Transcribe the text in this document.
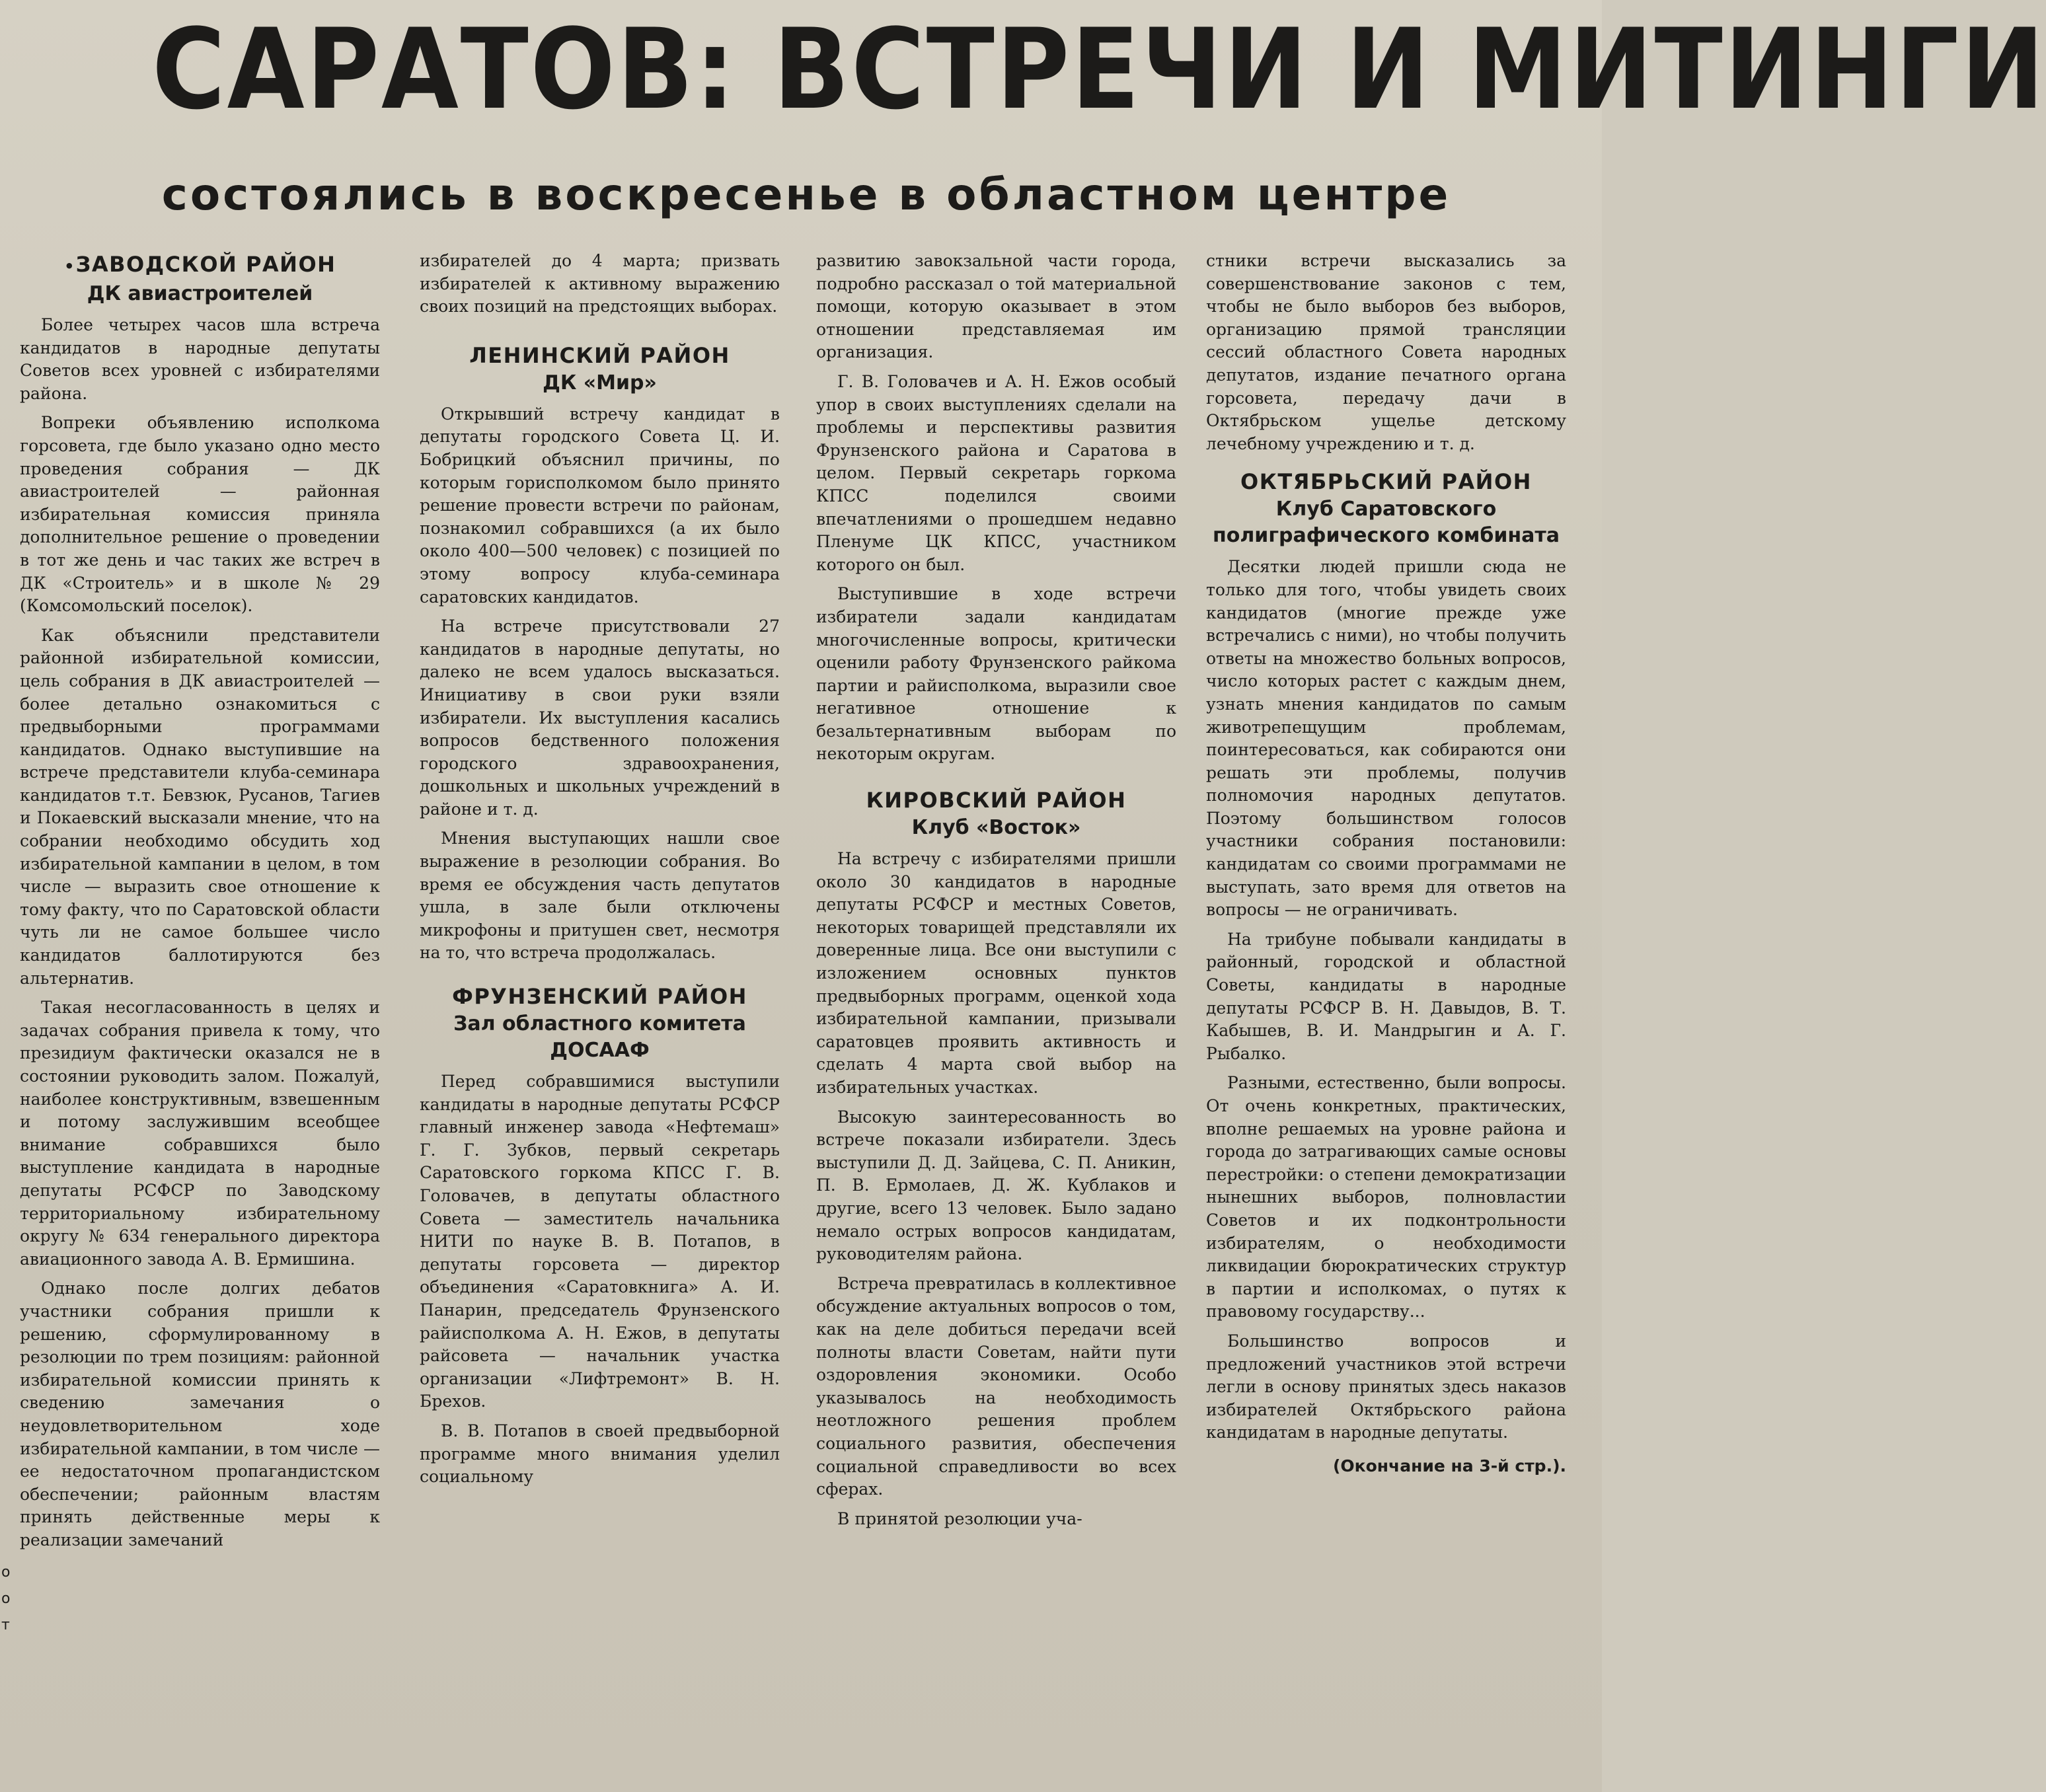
САРАТОВ: ВСТРЕЧИ И МИТИНГИ
состоялись в воскресенье в областном центре
о
о
т
•ЗАВОДСКОЙ РАЙОН
ДК авиастроителей

Более четырех часов шла встреча кандидатов в народные депутаты Советов всех уровней с избирателями района.

Вопреки объявлению исполкома горсовета, где было указано одно место проведения собрания — ДК авиастроителей — районная избирательная комиссия приняла дополнительное решение о проведении в тот же день и час таких же встреч в ДК «Строитель» и в школе № 29 (Комсомольский поселок).

Как объяснили представители районной избирательной комиссии, цель собрания в ДК авиастроителей — более детально ознакомиться с предвыборными программами кандидатов. Однако выступившие на встрече представители клуба-семинара кандидатов т.т. Бевзюк, Русанов, Тагиев и Покаевский высказали мнение, что на собрании необходимо обсудить ход избирательной кампании в целом, в том числе — выразить свое отношение к тому факту, что по Саратовской области чуть ли не самое большее число кандидатов баллотируются без альтернатив.

Такая несогласованность в целях и задачах собрания привела к тому, что президиум фактически оказался не в состоянии руководить залом. Пожалуй, наиболее конструктивным, взвешенным и потому заслужившим всеобщее внимание собравшихся было выступление кандидата в народные депутаты РСФСР по Заводскому территориальному избирательному округу № 634 генерального директора авиационного завода А. В. Ермишина.

Однако после долгих дебатов участники собрания пришли к решению, сформулированному в резолюции по трем позициям: районной избирательной комиссии принять к сведению замечания о неудовлетворительном ходе избирательной кампании, в том числе — ее недостаточном пропагандистском обеспечении; районным властям принять действенные меры к реализации замечаний

избирателей до 4 марта; призвать избирателей к активному выражению своих позиций на предстоящих выборах.

ЛЕНИНСКИЙ РАЙОН
ДК «Мир»

Открывший встречу кандидат в депутаты городского Совета Ц. И. Бобрицкий объяснил причины, по которым горисполкомом было принято решение провести встречи по районам, познакомил собравшихся (а их было около 400—500 человек) с позицией по этому вопросу клуба-семинара саратовских кандидатов.

На встрече присутствовали 27 кандидатов в народные депутаты, но далеко не всем удалось высказаться. Инициативу в свои руки взяли избиратели. Их выступления касались вопросов бедственного положения городского здравоохранения, дошкольных и школьных учреждений в районе и т. д.

Мнения выступающих нашли свое выражение в резолюции собрания. Во время ее обсуждения часть депутатов ушла, в зале были отключены микрофоны и притушен свет, несмотря на то, что встреча продолжалась.

ФРУНЗЕНСКИЙ РАЙОН
Зал областного комитета ДОСААФ

Перед собравшимися выступили кандидаты в народные депутаты РСФСР главный инженер завода «Нефтемаш» Г. Г. Зубков, первый секретарь Саратовского горкома КПСС Г. В. Головачев, в депутаты областного Совета — заместитель начальника НИТИ по науке В. В. Потапов, в депутаты горсовета — директор объединения «Саратовкнига» А. И. Панарин, председатель Фрунзенского райисполкома А. Н. Ежов, в депутаты райсовета — начальник участка организации «Лифтремонт» В. Н. Брехов.

В. В. Потапов в своей предвыборной программе много внимания уделил социальному

развитию завокзальной части города, подробно рассказал о той материальной помощи, которую оказывает в этом отношении представляемая им организация.

Г. В. Головачев и А. Н. Ежов особый упор в своих выступлениях сделали на проблемы и перспективы развития Фрунзенского района и Саратова в целом. Первый секретарь горкома КПСС поделился своими впечатлениями о прошедшем недавно Пленуме ЦК КПСС, участником которого он был.

Выступившие в ходе встречи избиратели задали кандидатам многочисленные вопросы, критически оценили работу Фрунзенского райкома партии и райисполкома, выразили свое негативное отношение к безальтернативным выборам по некоторым округам.

КИРОВСКИЙ РАЙОН
Клуб «Восток»

На встречу с избирателями пришли около 30 кандидатов в народные депутаты РСФСР и местных Советов, некоторых товарищей представляли их доверенные лица. Все они выступили с изложением основных пунктов предвыборных программ, оценкой хода избирательной кампании, призывали саратовцев проявить активность и сделать 4 марта свой выбор на избирательных участках.

Высокую заинтересованность во встрече показали избиратели. Здесь выступили Д. Д. Зайцева, С. П. Аникин, П. В. Ермолаев, Д. Ж. Кублаков и другие, всего 13 человек. Было задано немало острых вопросов кандидатам, руководителям района.

Встреча превратилась в коллективное обсуждение актуальных вопросов о том, как на деле добиться передачи всей полноты власти Советам, найти пути оздоровления экономики. Особо указывалось на необходимость неотложного решения проблем социального развития, обеспечения социальной справедливости во всех сферах.

В принятой резолюции уча-

стники встречи высказались за совершенствование законов с тем, чтобы не было выборов без выборов, организацию прямой трансляции сессий областного Совета народных депутатов, издание печатного органа горсовета, передачу дачи в Октябрьском ущелье детскому лечебному учреждению и т. д.

ОКТЯБРЬСКИЙ РАЙОН
Клуб Саратовского полиграфического комбината

Десятки людей пришли сюда не только для того, чтобы увидеть своих кандидатов (многие прежде уже встречались с ними), но чтобы получить ответы на множество больных вопросов, число которых растет с каждым днем, узнать мнения кандидатов по самым животрепещущим проблемам, поинтересоваться, как собираются они решать эти проблемы, получив полномочия народных депутатов. Поэтому большинством голосов участники собрания постановили: кандидатам со своими программами не выступать, зато время для ответов на вопросы — не ограничивать.

На трибуне побывали кандидаты в районный, городской и областной Советы, кандидаты в народные депутаты РСФСР В. Н. Давыдов, В. Т. Кабышев, В. И. Мандрыгин и А. Г. Рыбалко.

Разными, естественно, были вопросы. От очень конкретных, практических, вполне решаемых на уровне района и города до затрагивающих самые основы перестройки: о степени демократизации нынешних выборов, полновластии Советов и их подконтрольности избирателям, о необходимости ликвидации бюрократических структур в партии и исполкомах, о путях к правовому государству...

Большинство вопросов и предложений участников этой встречи легли в основу принятых здесь наказов избирателей Октябрьского района кандидатам в народные депутаты.

(Окончание на 3-й стр.).
